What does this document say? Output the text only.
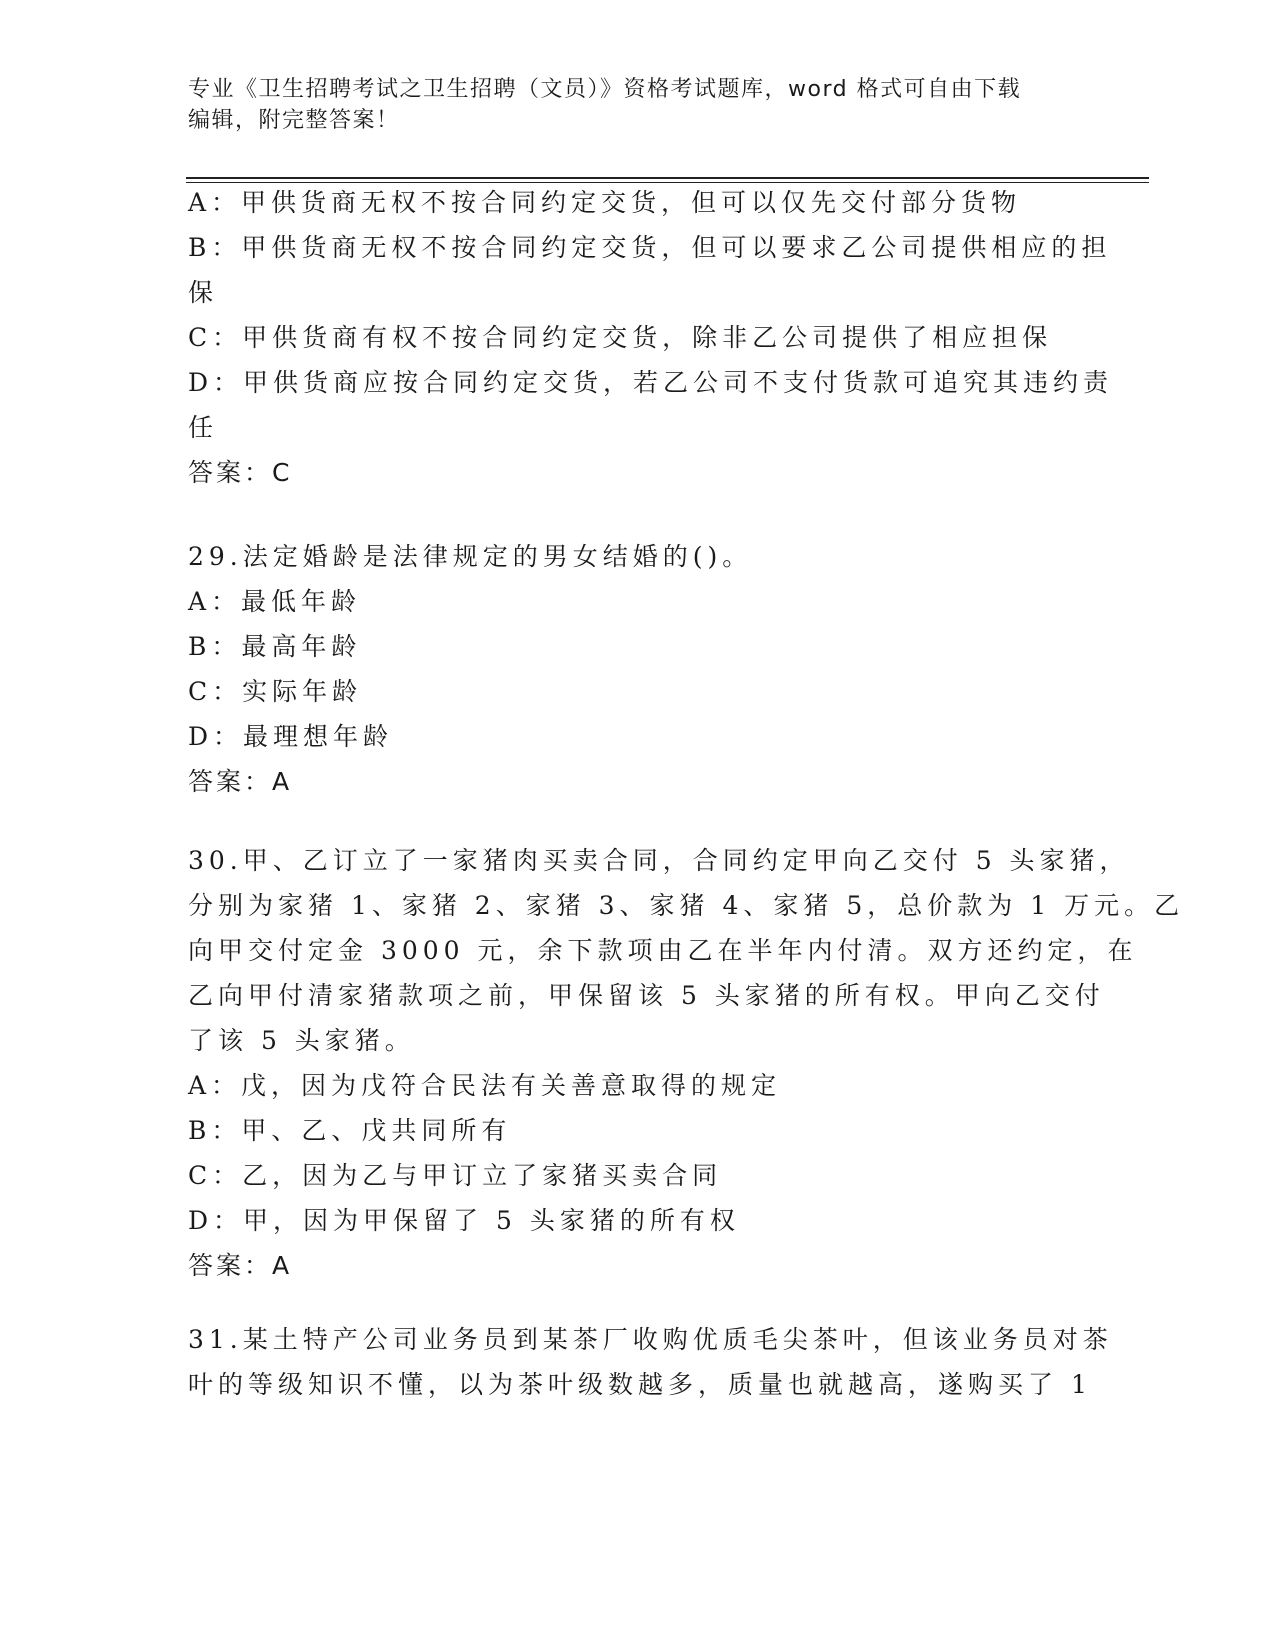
专业《卫生招聘考试之卫生招聘（文员）》资格考试题库，word 格式可自由下载
编辑，附完整答案！
A：甲供货商无权不按合同约定交货，但可以仅先交付部分货物
B：甲供货商无权不按合同约定交货，但可以要求乙公司提供相应的担
保
C：甲供货商有权不按合同约定交货，除非乙公司提供了相应担保
D：甲供货商应按合同约定交货，若乙公司不支付货款可追究其违约责
任
答案：C
29.法定婚龄是法律规定的男女结婚的()。
A：最低年龄
B：最高年龄
C：实际年龄
D：最理想年龄
答案：A
30.甲、乙订立了一家猪肉买卖合同，合同约定甲向乙交付 5 头家猪，
分别为家猪 1、家猪 2、家猪 3、家猪 4、家猪 5，总价款为 1 万元。乙
向甲交付定金 3000 元，余下款项由乙在半年内付清。双方还约定，在
乙向甲付清家猪款项之前，甲保留该 5 头家猪的所有权。甲向乙交付
了该 5 头家猪。
A：戊，因为戊符合民法有关善意取得的规定
B：甲、乙、戊共同所有
C：乙，因为乙与甲订立了家猪买卖合同
D：甲，因为甲保留了 5 头家猪的所有权
答案：A
31.某土特产公司业务员到某茶厂收购优质毛尖茶叶，但该业务员对茶
叶的等级知识不懂，以为茶叶级数越多，质量也就越高，遂购买了 1
